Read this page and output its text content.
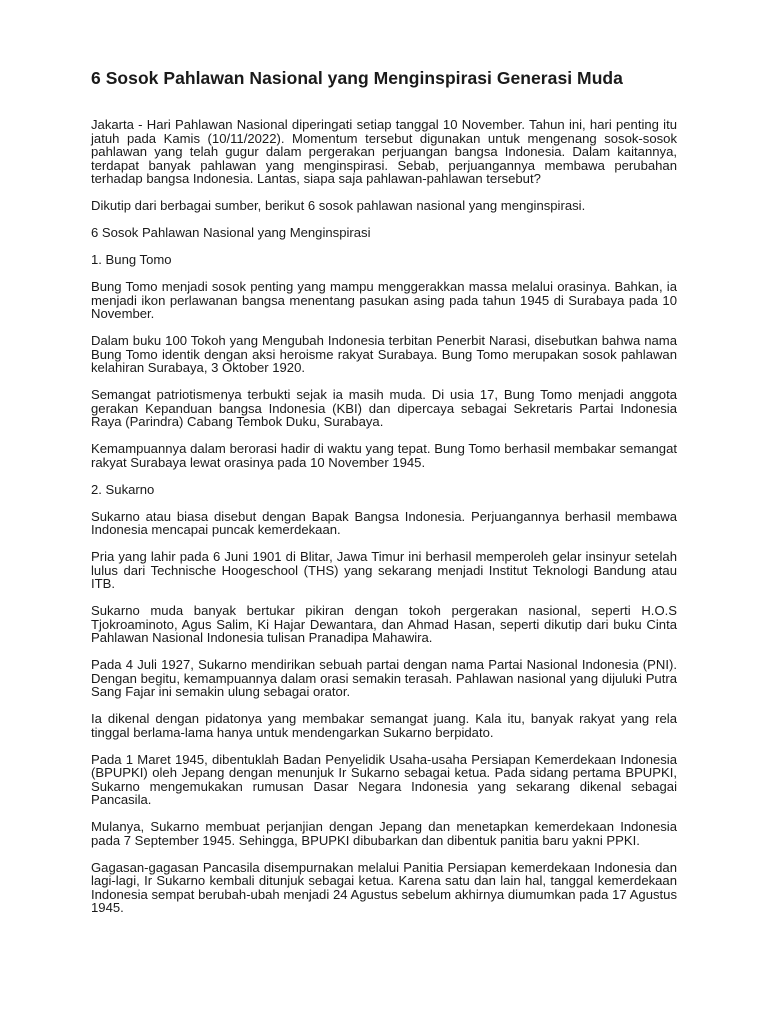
6 Sosok Pahlawan Nasional yang Menginspirasi Generasi Muda

Jakarta - Hari Pahlawan Nasional diperingati setiap tanggal 10 November. Tahun ini, hari penting itu jatuh pada Kamis (10/11/2022). Momentum tersebut digunakan untuk mengenang sosok-sosok pahlawan yang telah gugur dalam pergerakan perjuangan bangsa Indonesia. Dalam kaitannya, terdapat banyak pahlawan yang menginspirasi. Sebab, perjuangannya membawa perubahan terhadap bangsa Indonesia. Lantas, siapa saja pahlawan-pahlawan tersebut?

Dikutip dari berbagai sumber, berikut 6 sosok pahlawan nasional yang menginspirasi.

6 Sosok Pahlawan Nasional yang Menginspirasi

1. Bung Tomo

Bung Tomo menjadi sosok penting yang mampu menggerakkan massa melalui orasinya. Bahkan, ia menjadi ikon perlawanan bangsa menentang pasukan asing pada tahun 1945 di Surabaya pada 10 November.

Dalam buku 100 Tokoh yang Mengubah Indonesia terbitan Penerbit Narasi, disebutkan bahwa nama Bung Tomo identik dengan aksi heroisme rakyat Surabaya. Bung Tomo merupakan sosok pahlawan kelahiran Surabaya, 3 Oktober 1920.

Semangat patriotismenya terbukti sejak ia masih muda. Di usia 17, Bung Tomo menjadi anggota gerakan Kepanduan bangsa Indonesia (KBI) dan dipercaya sebagai Sekretaris Partai Indonesia Raya (Parindra) Cabang Tembok Duku, Surabaya.

Kemampuannya dalam berorasi hadir di waktu yang tepat. Bung Tomo berhasil membakar semangat rakyat Surabaya lewat orasinya pada 10 November 1945.

2. Sukarno

Sukarno atau biasa disebut dengan Bapak Bangsa Indonesia. Perjuangannya berhasil membawa Indonesia mencapai puncak kemerdekaan.

Pria yang lahir pada 6 Juni 1901 di Blitar, Jawa Timur ini berhasil memperoleh gelar insinyur setelah lulus dari Technische Hoogeschool (THS) yang sekarang menjadi Institut Teknologi Bandung atau ITB.

Sukarno muda banyak bertukar pikiran dengan tokoh pergerakan nasional, seperti H.O.S Tjokroaminoto, Agus Salim, Ki Hajar Dewantara, dan Ahmad Hasan, seperti dikutip dari buku Cinta Pahlawan Nasional Indonesia tulisan Pranadipa Mahawira.

Pada 4 Juli 1927, Sukarno mendirikan sebuah partai dengan nama Partai Nasional Indonesia (PNI). Dengan begitu, kemampuannya dalam orasi semakin terasah. Pahlawan nasional yang dijuluki Putra Sang Fajar ini semakin ulung sebagai orator.

Ia dikenal dengan pidatonya yang membakar semangat juang. Kala itu, banyak rakyat yang rela tinggal berlama-lama hanya untuk mendengarkan Sukarno berpidato.

Pada 1 Maret 1945, dibentuklah Badan Penyelidik Usaha-usaha Persiapan Kemerdekaan Indonesia (BPUPKI) oleh Jepang dengan menunjuk Ir Sukarno sebagai ketua. Pada sidang pertama BPUPKI, Sukarno mengemukakan rumusan Dasar Negara Indonesia yang sekarang dikenal sebagai Pancasila.

Mulanya, Sukarno membuat perjanjian dengan Jepang dan menetapkan kemerdekaan Indonesia pada 7 September 1945. Sehingga, BPUPKI dibubarkan dan dibentuk panitia baru yakni PPKI.

Gagasan-gagasan Pancasila disempurnakan melalui Panitia Persiapan kemerdekaan Indonesia dan lagi-lagi, Ir Sukarno kembali ditunjuk sebagai ketua. Karena satu dan lain hal, tanggal kemerdekaan Indonesia sempat berubah-ubah menjadi 24 Agustus sebelum akhirnya diumumkan pada 17 Agustus 1945.
